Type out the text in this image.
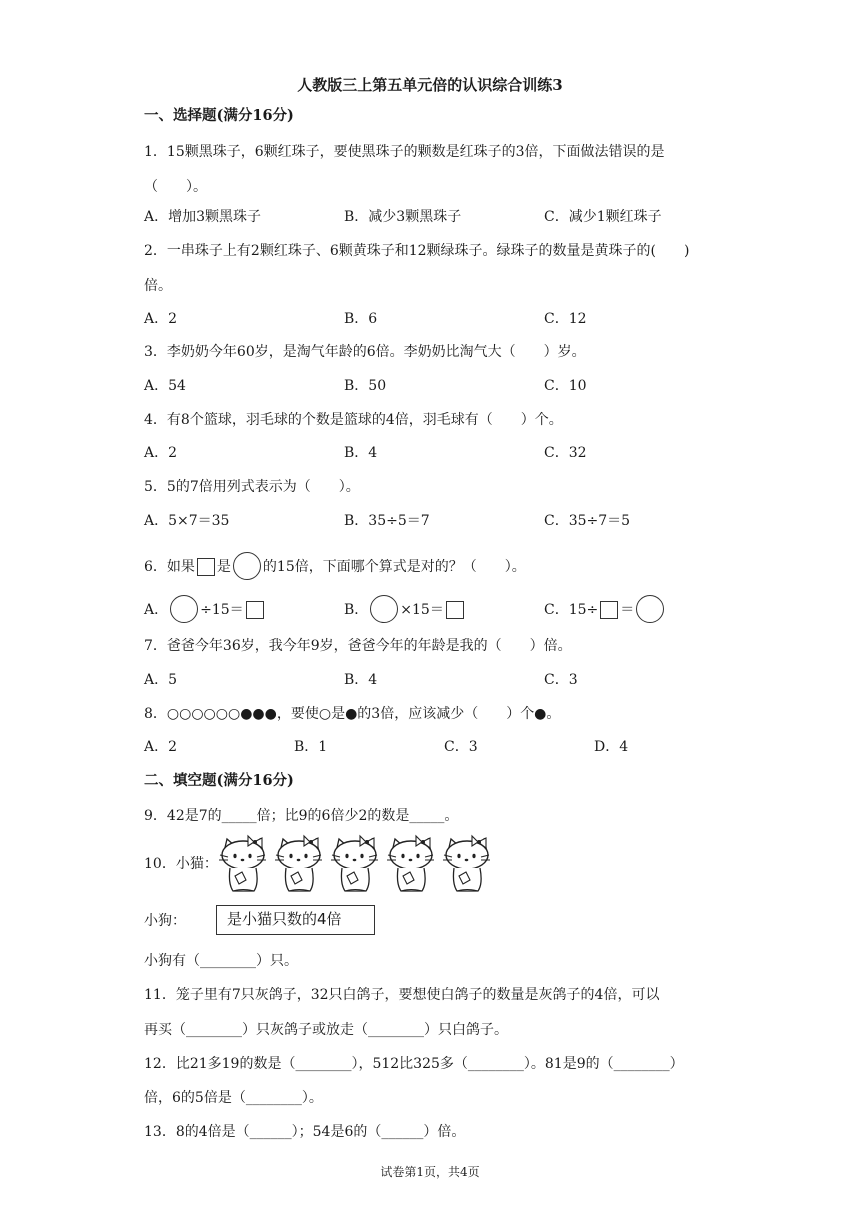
人教版三上第五单元倍的认识综合训练3
一、选择题(满分16分)
1．15颗黑珠子，6颗红珠子，要使黑珠子的颗数是红珠子的3倍，下面做法错误的是
（　　）。
A．增加3颗黑珠子	B．减少3颗黑珠子	C．减少1颗红珠子
2．一串珠子上有2颗红珠子、6颗黄珠子和12颗绿珠子。绿珠子的数量是黄珠子的(　　)
倍。
A．2	B．6	C．12
3．李奶奶今年60岁，是淘气年龄的6倍。李奶奶比淘气大（　　）岁。
A．54	B．50	C．10
4．有8个篮球，羽毛球的个数是篮球的4倍，羽毛球有（　　）个。
A．2	B．4	C．32
5．5的7倍用列式表示为（　　）。
A．5×7＝35	B．35÷5＝7	C．35÷7＝5
6．如果 是 的15倍，下面哪个算式是对的？（　　）。
A． ÷15＝	B． ×15＝	C．15÷ ＝
7．爸爸今年36岁，我今年9岁，爸爸今年的年龄是我的（　　）倍。
A．5	B．4	C．3
8．○○○○○○●●●，要使○是●的3倍，应该减少（　　）个●。
A．2	B．1	C．3	D．4
二、填空题(满分16分)
9．42是7的_____倍；比9的6倍少2的数是_____。
10．小猫：
小狗：	是小猫只数的4倍
小狗有（________）只。
11．笼子里有7只灰鸽子，32只白鸽子，要想使白鸽子的数量是灰鸽子的4倍，可以
再买（________）只灰鸽子或放走（________）只白鸽子。
12．比21多19的数是（________），512比325多（________）。81是9的（________）
倍，6的5倍是（________）。
13．8的4倍是（______）；54是6的（______）倍。
试卷第1页，共4页
